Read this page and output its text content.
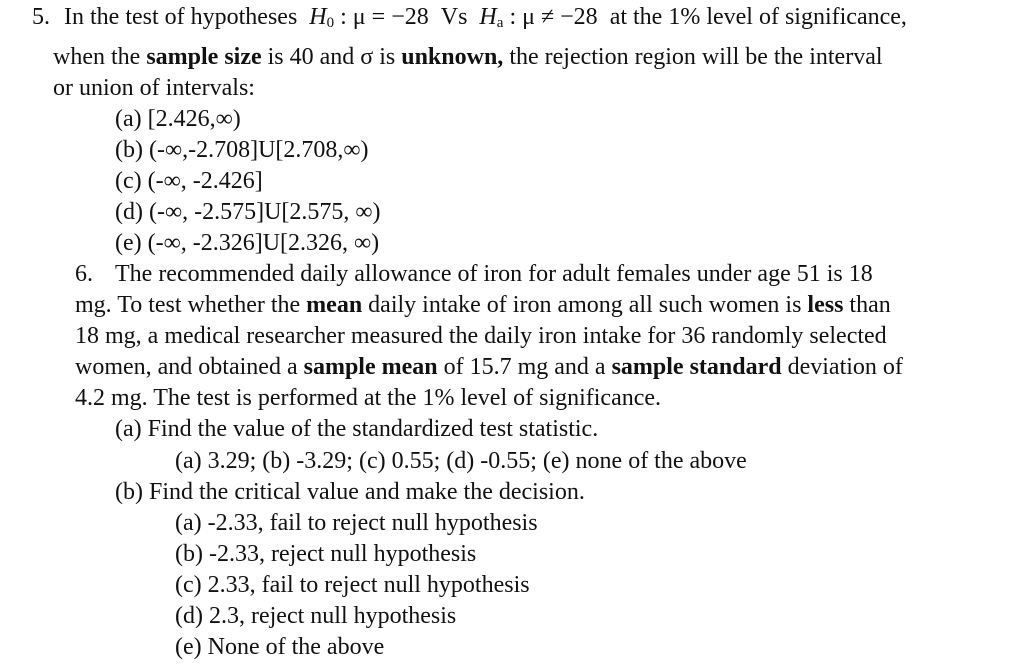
5. In the test of hypotheses $H_0$ : μ = −28 Vs $H_a$ : μ ≠ −28 at the 1% level of significance,
when the sample size is 40 and σ is unknown, the rejection region will be the interval
or union of intervals:
(a) [2.426,∞)
(b) (-∞,-2.708]U[2.708,∞)
(c) (-∞, -2.426]
(d) (-∞, -2.575]U[2.575, ∞)
(e) (-∞, -2.326]U[2.326, ∞)
6. The recommended daily allowance of iron for adult females under age 51 is 18
mg. To test whether the mean daily intake of iron among all such women is less than
18 mg, a medical researcher measured the daily iron intake for 36 randomly selected
women, and obtained a sample mean of 15.7 mg and a sample standard deviation of
4.2 mg. The test is performed at the 1% level of significance.
(a) Find the value of the standardized test statistic.
(a) 3.29; (b) -3.29; (c) 0.55; (d) -0.55; (e) none of the above
(b) Find the critical value and make the decision.
(a) -2.33, fail to reject null hypothesis
(b) -2.33, reject null hypothesis
(c) 2.33, fail to reject null hypothesis
(d) 2.3, reject null hypothesis
(e) None of the above
